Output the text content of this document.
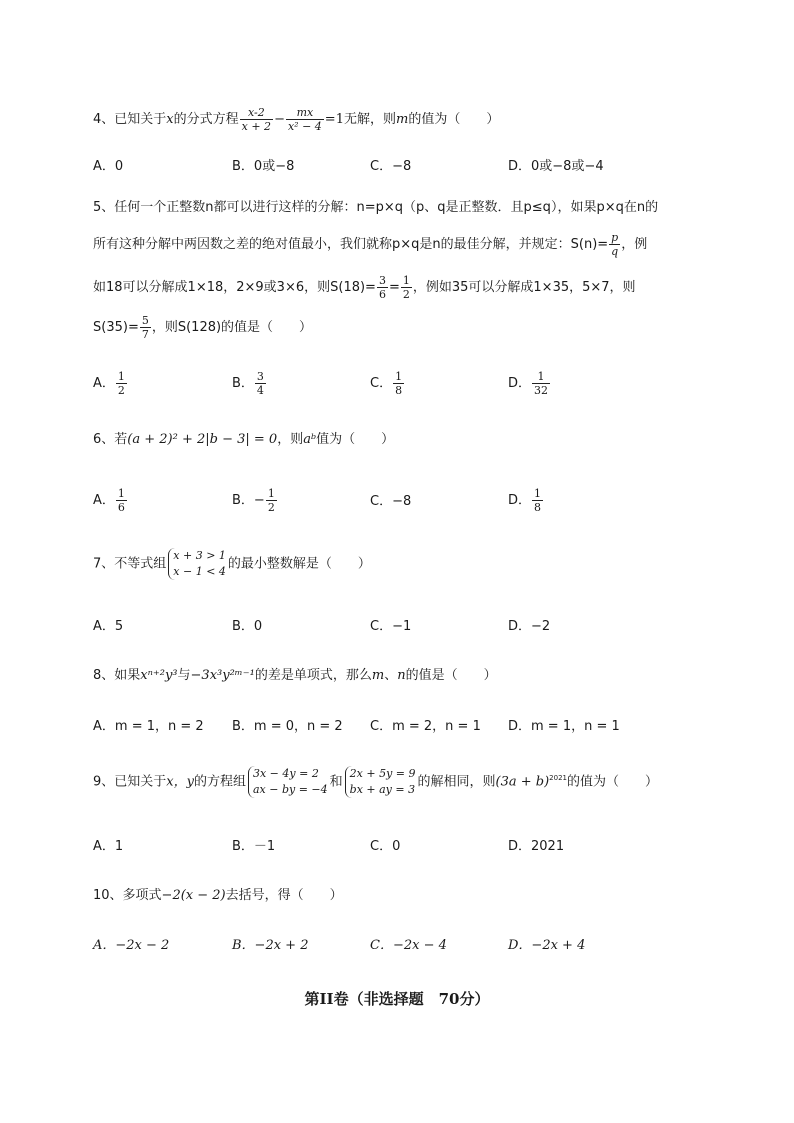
4、已知关于x的分式方程 $\frac{x-2}{x + 2} - \frac{mx}{\text{x² − 4}} =1$无解，则m的值为（　　）
A．0	B．0或−8	C．−8	D．0或−8或−4
5、任何一个正整数n都可以进行这样的分解：n=p×q（p、q是正整数．且p≤q），如果p×q在n的
所有这种分解中两因数之差的绝对值最小，我们就称p×q是n的最佳分解，并规定：$S(n)= \frac{p}{q}$ ，例
如18可以分解成1×18，2×9或3×6，则$S(18)= \frac{3}{6} = \frac{1}{2}$ ，例如35可以分解成1×35，5×7，则
$S(35)= \frac{5}{7}$ ，则S(128)的值是（　　）
A． $\frac{1}{2}$	B． $\frac{3}{4}$	C． $\frac{1}{8}$	D． $\frac{1}{32}$
6、若(a + 2)² + 2|b − 3| = 0，则aᵇ值为（　　）
A． $\frac{1}{6}$	B．− $\frac{1}{2}$	C．−8	D． $\frac{1}{8}$
7、不等式组
x + 3 > 1
x − 1 < 4 的最小整数解是（　　）
A．5	B．0	C．−1	D．−2
8、如果xⁿ⁺²y³与−3x³y²ᵐ⁻¹的差是单项式，那么m、n的值是（　　）
A．m = 1，n = 2 B．m = 0，n = 2 C．m = 2，n = 1 D．m = 1，n = 1
9、已知关于x，y的方程组
3x − 4y = 2
ax − by = −4 和
2x + 5y = 9
bx + ay = 3 的解相同，则$(3a + b)^{2021}$的值为（　　）
A．1	B．－1	C．0	D．2021
10、多项式−2(x − 2)去括号，得（　　）
A．−2x − 2	B．−2x + 2	C．−2x − 4	D．−2x + 4
第II卷（非选择题　70分）
